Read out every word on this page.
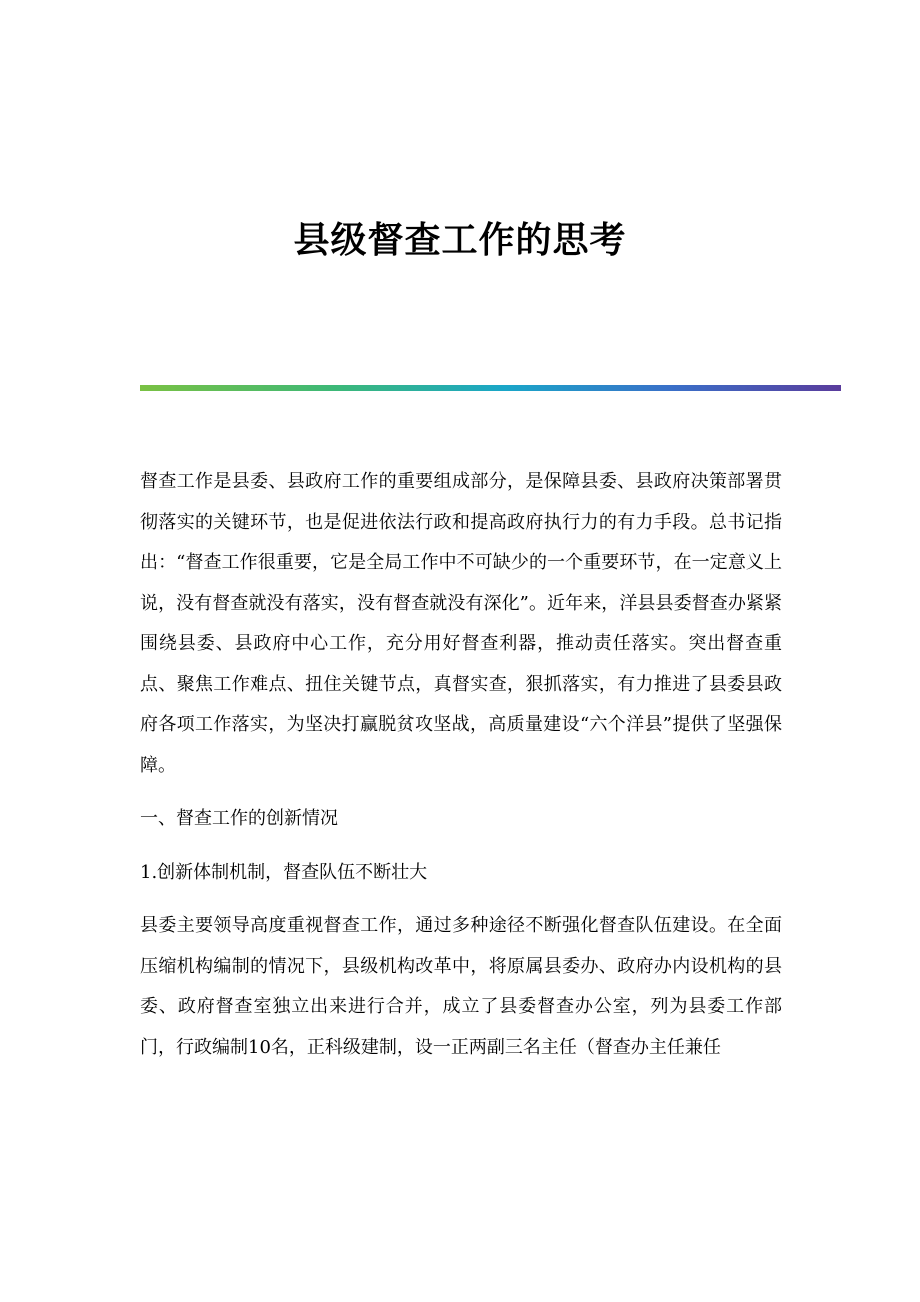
县级督查工作的思考

督查工作是县委、县政府工作的重要组成部分，是保障县委、县政府决策部署贯彻落实的关键环节，也是促进依法行政和提高政府执行力的有力手段。总书记指出：“督查工作很重要，它是全局工作中不可缺少的一个重要环节，在一定意义上说，没有督查就没有落实，没有督查就没有深化”。近年来，洋县县委督查办紧紧围绕县委、县政府中心工作，充分用好督查利器，推动责任落实。突出督查重点、聚焦工作难点、扭住关键节点，真督实查，狠抓落实，有力推进了县委县政府各项工作落实，为坚决打赢脱贫攻坚战，高质量建设“六个洋县”提供了坚强保障。

一、督查工作的创新情况

1.创新体制机制，督查队伍不断壮大

县委主要领导高度重视督查工作，通过多种途径不断强化督查队伍建设。在全面压缩机构编制的情况下，县级机构改革中，将原属县委办、政府办内设机构的县委、政府督查室独立出来进行合并，成立了县委督查办公室，列为县委工作部门，行政编制10名，正科级建制，设一正两副三名主任（督查办主任兼任
